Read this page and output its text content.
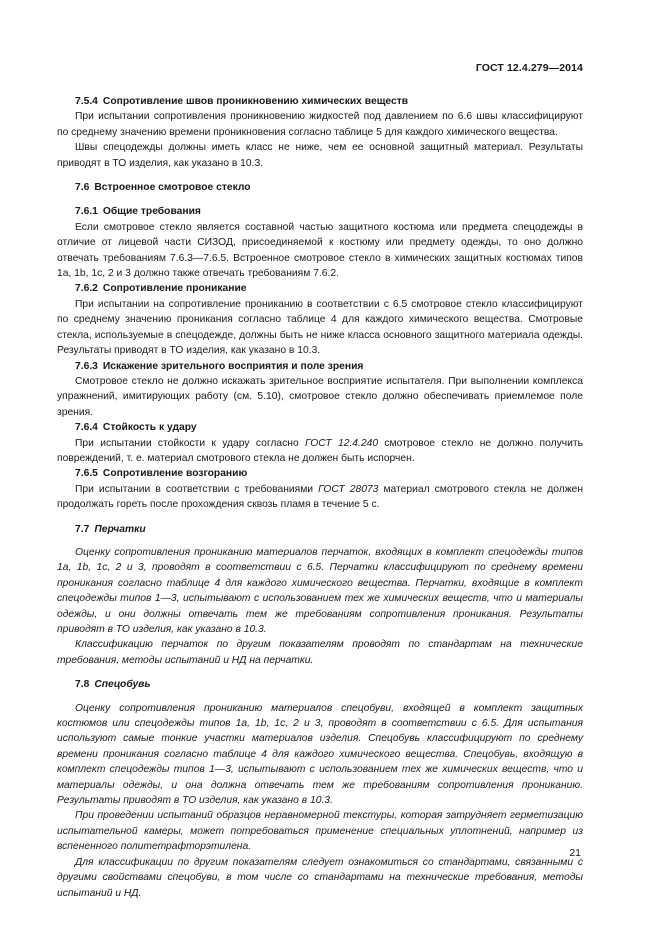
ГОСТ 12.4.279—2014

7.5.4 Сопротивление швов проникновению химических веществ

При испытании сопротивления проникновению жидкостей под давлением по 6.6 швы классифицируют по среднему значению времени проникновения согласно таблице 5 для каждого химического вещества.

Швы спецодежды должны иметь класс не ниже, чем ее основной защитный материал. Результаты приводят в ТО изделия, как указано в 10.3.

7.6 Встроенное смотровое стекло

7.6.1 Общие требования

Если смотровое стекло является составной частью защитного костюма или предмета спецодежды в отличие от лицевой части СИЗОД, присоединяемой к костюму или предмету одежды, то оно должно отвечать требованиям 7.6.3—7.6.5. Встроенное смотровое стекло в химических защитных костюмах типов 1а, 1b, 1c, 2 и 3 должно также отвечать требованиям 7.6.2.

7.6.2 Сопротивление проникание

При испытании на сопротивление прониканию в соответствии с 6.5 смотровое стекло классифицируют по среднему значению проникания согласно таблице 4 для каждого химического вещества. Смотровые стекла, используемые в спецодежде, должны быть не ниже класса основного защитного материала одежды. Результаты приводят в ТО изделия, как указано в 10.3.

7.6.3 Искажение зрительного восприятия и поле зрения

Смотровое стекло не должно искажать зрительное восприятие испытателя. При выполнении комплекса упражнений, имитирующих работу (см. 5.10), смотровое стекло должно обеспечивать приемлемое поле зрения.

7.6.4 Стойкость к удару

При испытании стойкости к удару согласно ГОСТ 12.4.240 смотровое стекло не должно получить повреждений, т. е. материал смотрового стекла не должен быть испорчен.

7.6.5 Сопротивление возгоранию

При испытании в соответствии с требованиями ГОСТ 28073 материал смотрового стекла не должен продолжать гореть после прохождения сквозь пламя в течение 5 с.

7.7 Перчатки

Оценку сопротивления прониканию материалов перчаток, входящих в комплект спецодежды типов 1а, 1b, 1c, 2 и 3, проводят в соответствии с 6.5. Перчатки классифицируют по среднему времени проникания согласно таблице 4 для каждого химического вещества. Перчатки, входящие в комплект спецодежды типов 1—3, испытывают с использованием тех же химических веществ, что и материалы одежды, и они должны отвечать тем же требованиям сопротивления проникания. Результаты приводят в ТО изделия, как указано в 10.3.

Классификацию перчаток по другим показателям проводят по стандартам на технические требования, методы испытаний и НД на перчатки.

7.8 Спецобувь

Оценку сопротивления прониканию материалов спецобуви, входящей в комплект защитных костюмов или спецодежды типов 1а, 1b, 1c, 2 и 3, проводят в соответствии с 6.5. Для испытания используют самые тонкие участки материалов изделия. Спецобувь классифицируют по среднему времени проникания согласно таблице 4 для каждого химического вещества. Спецобувь, входящую в комплект спецодежды типов 1—3, испытывают с использованием тех же химических веществ, что и материалы одежды, и она должна отвечать тем же требованиям сопротивления прониканию. Результаты приводят в ТО изделия, как указано в 10.3.

При проведении испытаний образцов неравномерной текстуры, которая затрудняет герметизацию испытательной камеры, может потребоваться применение специальных уплотнений, например из вспененного политетрафторэтилена.

Для классификации по другим показателям следует ознакомиться со стандартами, связанными с другими свойствами спецобуви, в том числе со стандартами на технические требования, методы испытаний и НД.

21
